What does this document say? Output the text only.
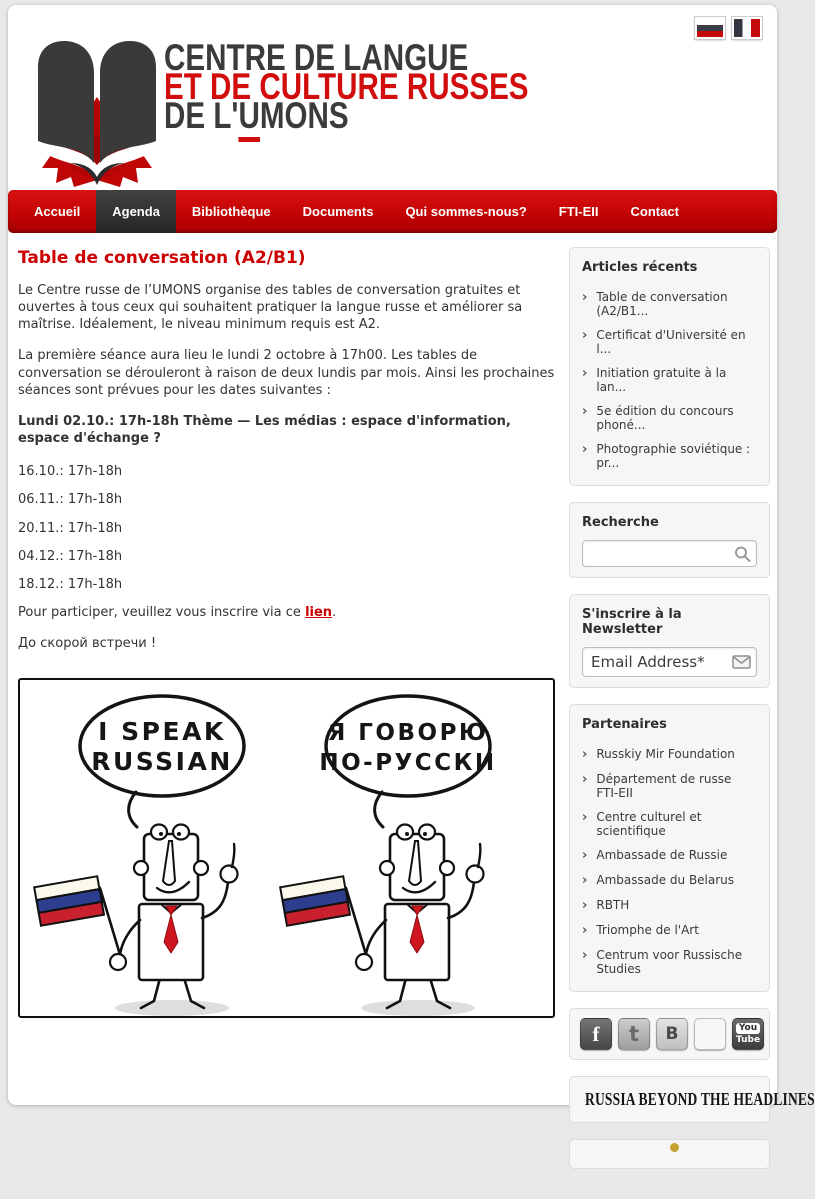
CENTRE DE LANGUE
ET DE CULTURE RUSSES
DE L'UMONS
Accueil	Agenda	Bibliothèque	Documents	Qui sommes-nous?	FTI-EII	Contact
Table de conversation (A2/B1)

Le Centre russe de l’UMONS organise des tables de conversation gratuites et ouvertes à tous ceux qui souhaitent pratiquer la langue russe et améliorer sa maîtrise. Idéalement, le niveau minimum requis est A2.

La première séance aura lieu le lundi 2 octobre à 17h00. Les tables de conversation se dérouleront à raison de deux lundis par mois. Ainsi les prochaines séances sont prévues pour les dates suivantes :

Lundi 02.10.: 17h-18h Thème — Les médias : espace d'information, espace d'échange ?

16.10.: 17h-18h

06.11.: 17h-18h

20.11.: 17h-18h

04.12.: 17h-18h

18.12.: 17h-18h

Pour participer, veuillez vous inscrire via ce lien.

До скорой встречи !

I SPEAK
RUSSIAN
Я ГОВОРЮ
ПО-РУССКИ
Articles récents
› Table de conversation (A2/B1...
› Certificat d'Université en l...
› Initiation gratuite à la lan...
› 5e édition du concours phoné...
› Photographie soviétique : pr...
Recherche
S'inscrire à la Newsletter
Email Address*
Partenaires
› Russkiy Mir Foundation
› Département de russe FTI-EII
› Centre culturel et scientifique
› Ambassade de Russie
› Ambassade du Belarus
› RBTH
› Triomphe de l'Art
› Centrum voor Russische Studies
f	t	B	You
Tube
RUSSIA BEYOND THE HEADLINES
